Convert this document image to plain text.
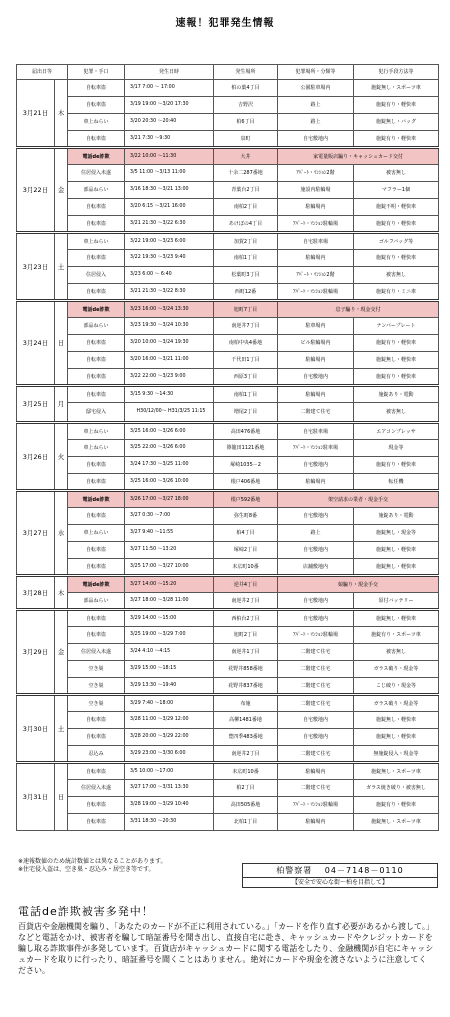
速報！犯罪発生情報
届出日等		犯罪・手口	発生日時	発生場所	犯罪場所・分類等	犯行手段方法等
3月21日	木	自転車盗	3/17 7:00 ～ 17:00	柏の葉4丁目	公園駐車場内	施錠無し・スポーツ車
		自転車盗	3/19 19:00 ～3/20 17:30	吉野沢	路上	施錠有り・軽快車
		車上ねらい	3/20 20:30 ～20:40	柏6丁目	路上	施錠無し・バッグ
		自転車盗	3/21 7:30 ～9:30	泉町	自宅敷地内	施錠有り・軽快車
3月22日	金	電話de詐欺	3/22 10:00 ～11:30	大井	家電量販店騙り・キャッシュカード交付	
		住居侵入未遂	3/5 11:00 ～3/13 11:00	十余二287番地	ｱﾊﾟｰﾄ・ﾏﾝｼｮﾝ2階	被害無し
		部品ねらい	3/16 18:30 ～3/21 13:00	青葉台2丁目	施設内駐輪場	マフラー1個
		自転車盗	3/20 6:15 ～3/21 16:00	南柏2丁目	駐輪場内	施錠不明・軽快車
		自転車盗	3/21 21:30 ～3/22 6:30	あけぼの4丁目	ｱﾊﾟｰﾄ・ﾏﾝｼｮﾝ駐輪場	施錠有り・軽快車
3月23日	土	車上ねらい	3/22 19:00 ～3/23 6:00	加賀2丁目	自宅駐車場	ゴルフバッグ等
		自転車盗	3/22 19:30 ～3/23 9:40	南柏1丁目	駐輪場内	施錠有り・軽快車
		住居侵入	3/23 6:00 ～ 6:40	松葉町3丁目	ｱﾊﾟｰﾄ・ﾏﾝｼｮﾝ2階	被害無し
		自転車盗	3/21 21:30 ～3/22 8:30	西町12番	ｱﾊﾟｰﾄ・ﾏﾝｼｮﾝ駐輪場	施錠有り・ミニ車
3月24日	日	電話de詐欺	3/23 16:00 ～3/24 13:30	旭町7丁目	息子騙り・現金交付	
		部品ねらい	3/23 19:30 ～3/24 10:30	南逆井7丁目	駐車場内	ナンバープレート
		自転車盗	3/20 10:00 ～3/24 19:30	南柏中央4番地	ビル駐輪場内	施錠有り・軽快車
		自転車盗	3/20 16:00 ～3/21 11:00	千代田1丁目	駐輪場内	施錠無し・軽快車
		自転車盗	3/22 22:00 ～3/23 9:00	西原3丁目	自宅敷地内	施錠有り・軽快車
3月25日	月	自転車盗	3/15 9:30 ～14:30	南柏1丁目	駐輪場内	施錠あり・電動
		邸宅侵入	H30/12/00～ H31/3/25 11:15	増尾2丁目	二階建て住宅	被害無し
3月26日	火	車上ねらい	3/25 16:00 ～3/26 6:00	高田476番地	自宅駐車場	エアコンプレッサ
		車上ねらい	3/25 22:00 ～3/26 6:00	篠籠田1121番地	ｱﾊﾟｰﾄ・ﾏﾝｼｮﾝ駐車場	現金等
		自転車盗	3/24 17:30 ～3/25 11:00	塚崎1035－2	自宅敷地内	施錠有り・軽快車
		自転車盗	3/25 16:00 ～3/26 10:00	根戸406番地	駐輪場内	転任機
3月27日	水	電話de詐欺	3/26 17:00 ～3/27 18:00	根戸592番地	架空請求の業者・現金手交	
		自転車盗	3/27 0:30 ～7:00	弥生町8番	自宅敷地内	施錠あり・電動
		車上ねらい	3/27 9:40 ～11:55	柏4丁目	路上	施錠無し・現金等
		自転車盗	3/27 11:50 ～13:20	塚崎2丁目	自宅敷地内	施錠無し・軽快車
		自転車盗	3/25 17:00 ～3/27 10:00	末広町10番	店舗敷地内	施錠無し・軽快車
3月28日	木	電話de詐欺	3/27 14:00 ～15:20	逆井4丁目	娘騙り・現金手交	
		部品ねらい	3/27 18:00 ～3/28 11:00	南逆井2丁目	自宅敷地内	原付バッテリー
3月29日	金	自転車盗	3/29 14:00 ～15:00	西柏台2丁目	自宅敷地内	施錠無し・軽快車
		自転車盗	3/25 19:00 ～3/29 7:00	旭町2丁目	ｱﾊﾟｰﾄ・ﾏﾝｼｮﾝ駐輪場	施錠有り・スポーツ車
		住居侵入未遂	3/24 4:10 ～4:15	南逆井1丁目	二階建て住宅	被害無し
		空き巣	3/29 15:00 ～18:15	花野井858番地	二階建て住宅	ガラス破り・現金等
		空き巣	3/29 13:30 ～19:40	花野井837番地	二階建て住宅	こじ破り・現金等
3月30日	土	空き巣	3/29 7:40 ～18:00	布施	二階建て住宅	ガラス破り・現金等
		自転車盗	3/28 11:00 ～3/29 12:00	高柳1481番地	自宅敷地内	施錠無し・軽快車
		自転車盗	3/28 20:00 ～3/29 22:00	豊四季483番地	自宅敷地内	施錠無し・軽快車
		忍込み	3/29 23:00 ～3/30 6:00	南逆井2丁目	二階建て住宅	無施錠侵入・現金等
3月31日	日	自転車盗	3/5 10:00 ～17:00	末広町10番	駐輪場内	施錠無し・スポーツ車
		住居侵入未遂	3/27 17:00 ～3/31 13:30	柏2丁目	二階建て住宅	ガラス焼き破り・被害無し
		自転車盗	3/28 19:00 ～3/29 10:40	高田505番地	ｱﾊﾟｰﾄ・ﾏﾝｼｮﾝ駐輪場	施錠有り・軽快車
		自転車盗	3/31 18:30 ～20:30	北柏1丁目	駐輪場内	施錠無し・スポーツ車
※速報数値のため統計数値とは異なることがあります。
※住宅侵入盗は、空き巣・忍込み・居空き等です。	柏警察署　 04－7148－0110
【安全で安心な街～柏を目指して】
電話de詐欺被害多発中！
百貨店や金融機関を騙り、「あなたのカードが不正に利用されている。」「カードを作り直す必要があるから渡して。」などと電話をかけ、被害者を騙して暗証番号を聞き出し、直接自宅に赴き、キャッシュカードやクレジットカードを騙し取る詐欺事件が多発しています。百貨店がキャッシュカードに関する電話をしたり、金融機関が自宅にキャッシュカードを取りに行ったり、暗証番号を聞くことはありません。絶対にカードや現金を渡さないように注意してください。
